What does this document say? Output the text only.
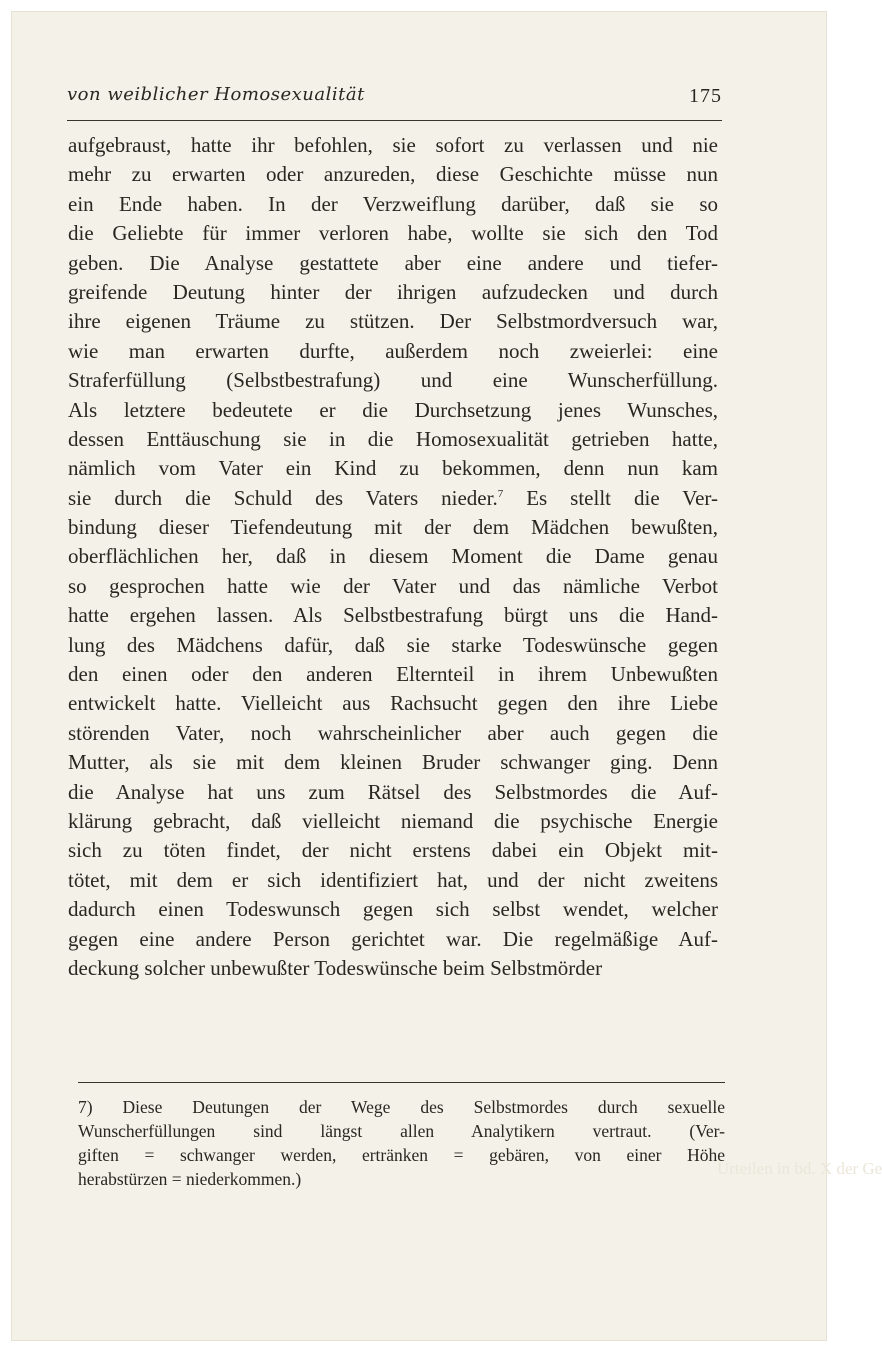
von weiblicher Homosexualität	175
aufgebraust, hatte ihr befohlen, sie sofort zu verlassen und nie
mehr zu erwarten oder anzureden, diese Geschichte müsse nun
ein Ende haben. In der Verzweiflung darüber, daß sie so
die Geliebte für immer verloren habe, wollte sie sich den Tod
geben. Die Analyse gestattete aber eine andere und tiefer-
greifende Deutung hinter der ihrigen aufzudecken und durch
ihre eigenen Träume zu stützen. Der Selbstmordversuch war,
wie man erwarten durfte, außerdem noch zweierlei: eine
Straferfüllung (Selbstbestrafung) und eine Wunscherfüllung.
Als letztere bedeutete er die Durchsetzung jenes Wunsches,
dessen Enttäuschung sie in die Homosexualität getrieben hatte,
nämlich vom Vater ein Kind zu bekommen, denn nun kam
sie durch die Schuld des Vaters nieder.$^7$ Es stellt die Ver-
bindung dieser Tiefendeutung mit der dem Mädchen bewußten,
oberflächlichen her, daß in diesem Moment die Dame genau
so gesprochen hatte wie der Vater und das nämliche Verbot
hatte ergehen lassen. Als Selbstbestrafung bürgt uns die Hand-
lung des Mädchens dafür, daß sie starke Todeswünsche gegen
den einen oder den anderen Elternteil in ihrem Unbewußten
entwickelt hatte. Vielleicht aus Rachsucht gegen den ihre Liebe
störenden Vater, noch wahrscheinlicher aber auch gegen die
Mutter, als sie mit dem kleinen Bruder schwanger ging. Denn
die Analyse hat uns zum Rätsel des Selbstmordes die Auf-
klärung gebracht, daß vielleicht niemand die psychische Energie
sich zu töten findet, der nicht erstens dabei ein Objekt mit-
tötet, mit dem er sich identifiziert hat, und der nicht zweitens
dadurch einen Todeswunsch gegen sich selbst wendet, welcher
gegen eine andere Person gerichtet war. Die regelmäßige Auf-
deckung solcher unbewußter Todeswünsche beim Selbstmörder
7) Diese Deutungen der Wege des Selbstmordes durch sexuelle
Wunscherfüllungen sind längst allen Analytikern vertraut. (Ver-
giften = schwanger werden, ertränken = gebären, von einer Höhe
herabstürzen = niederkommen.)
Urteilen in bd. X der Ge
